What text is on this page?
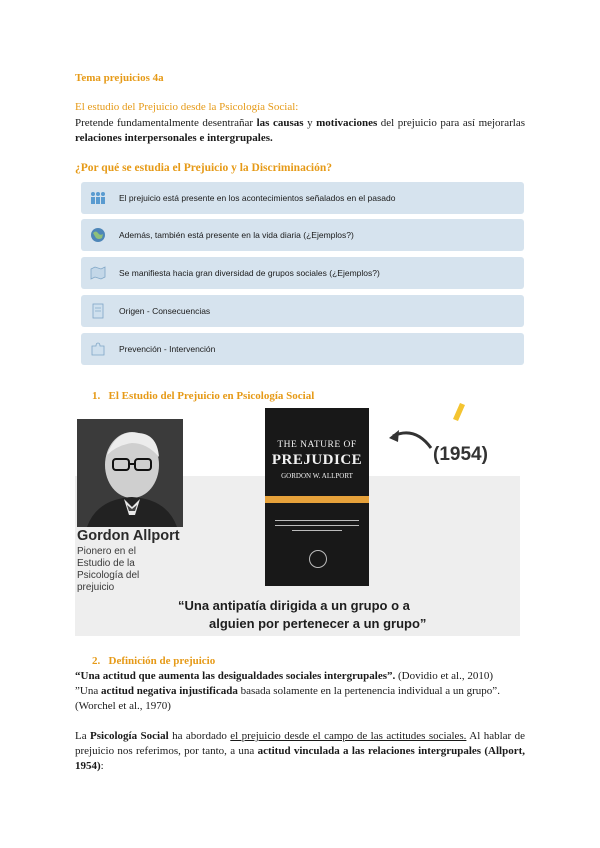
Tema prejuicios 4a
El estudio del Prejuicio desde la Psicología Social:
Pretende fundamentalmente desentrañar las causas y motivaciones del prejuicio para así mejorarlas relaciones interpersonales e intergrupales.
¿Por qué se estudia el Prejuicio y la Discriminación?
El prejuicio está presente en los acontecimientos señalados en el pasado
Además, también está presente en la vida diaria (¿Ejemplos?)
Se manifiesta hacia gran diversidad de grupos sociales (¿Ejemplos?)
Origen - Consecuencias
Prevención - Intervención
1. El Estudio del Prejuicio en Psicología Social
Gordon Allport
Pionero en el Estudio de la Psicología del prejuicio
THE NATURE OF
PREJUDICE
GORDON W. ALLPORT
(1954)
“Una antipatía dirigida a un grupo o a
alguien por pertenecer a un grupo”
2. Definición de prejuicio
“Una actitud que aumenta las desigualdades sociales intergrupales”. (Dovidio et al., 2010)
”Una actitud negativa injustificada basada solamente en la pertenencia individual a un grupo”.
(Worchel et al., 1970)
La Psicología Social ha abordado el prejuicio desde el campo de las actitudes sociales. Al hablar de prejuicio nos referimos, por tanto, a una actitud vinculada a las relaciones intergrupales (Allport, 1954):
